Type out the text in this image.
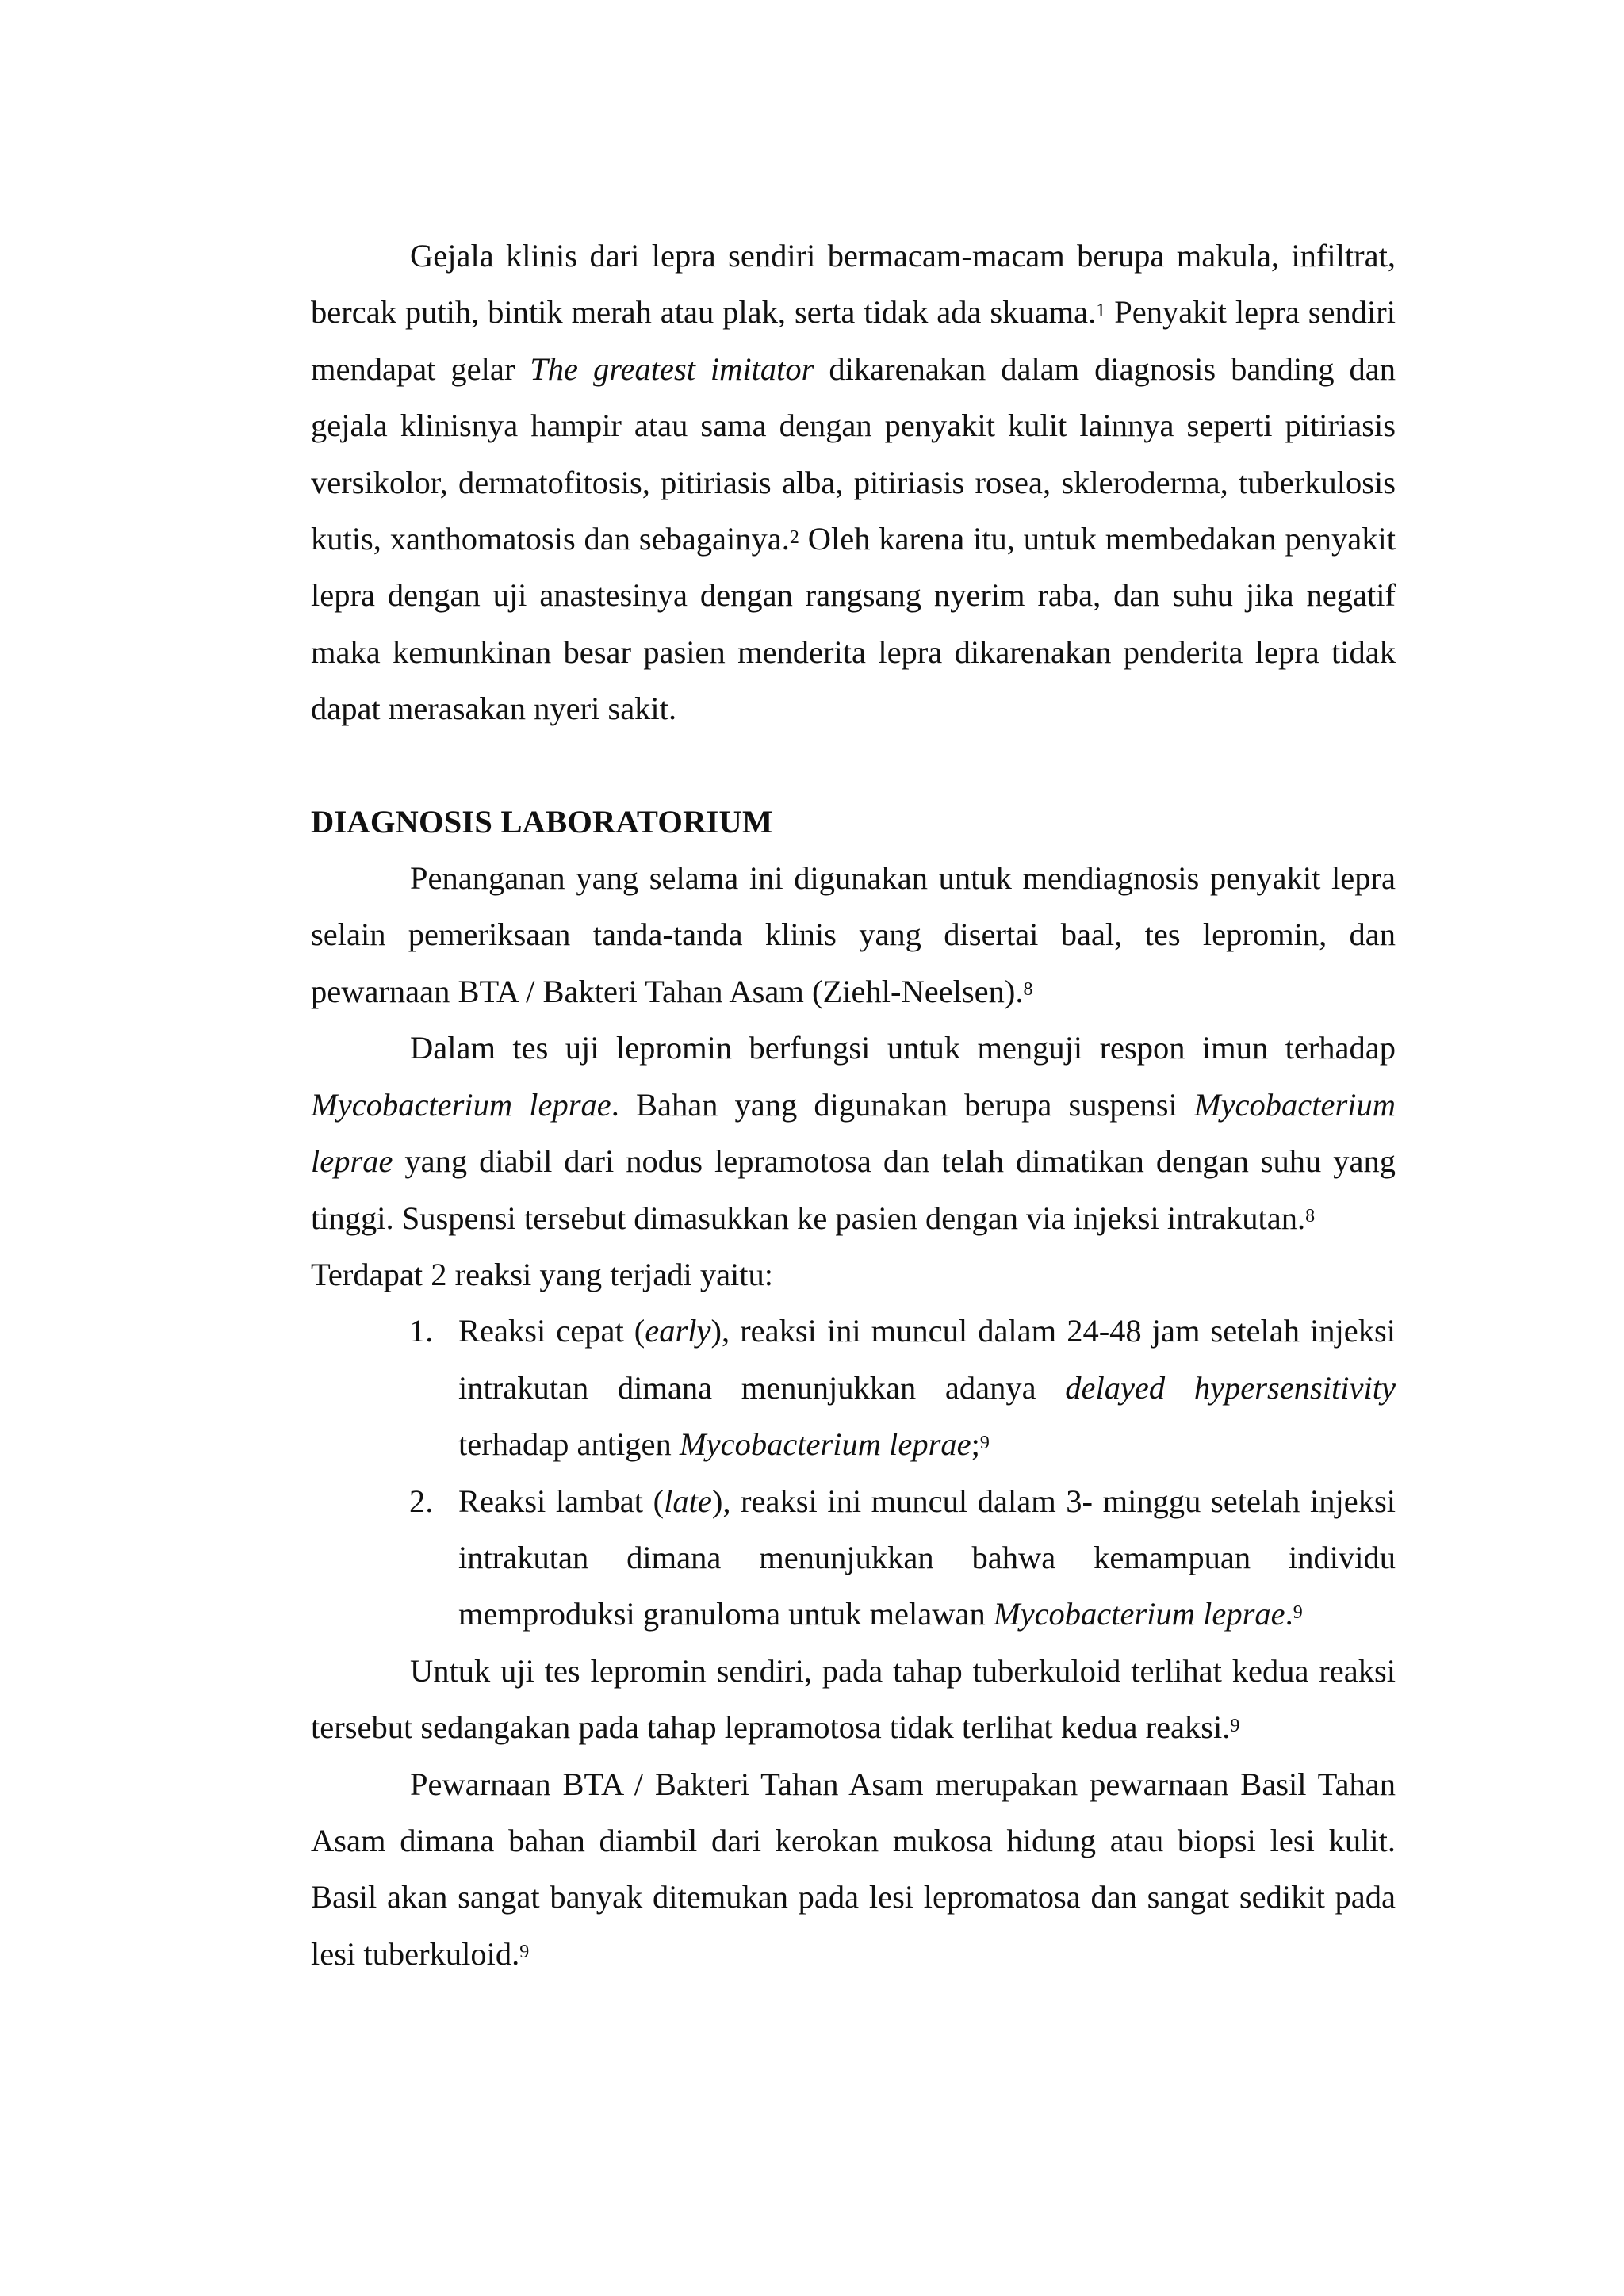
Gejala klinis dari lepra sendiri bermacam-macam berupa makula, infiltrat, bercak putih, bintik merah atau plak, serta tidak ada skuama.$^1$ Penyakit lepra sendiri mendapat gelar The greatest imitator dikarenakan dalam diagnosis banding dan gejala klinisnya hampir atau sama dengan penyakit kulit lainnya seperti pitiriasis versikolor, dermatofitosis, pitiriasis alba, pitiriasis rosea, skleroderma, tuberkulosis kutis, xanthomatosis dan sebagainya.$^2$ Oleh karena itu, untuk membedakan penyakit lepra dengan uji anastesinya dengan rangsang nyerim raba, dan suhu jika negatif maka kemunkinan besar pasien menderita lepra dikarenakan penderita lepra tidak dapat merasakan nyeri sakit.

DIAGNOSIS LABORATORIUM

Penanganan yang selama ini digunakan untuk mendiagnosis penyakit lepra selain pemeriksaan tanda-tanda klinis yang disertai baal, tes lepromin, dan pewarnaan BTA / Bakteri Tahan Asam (Ziehl-Neelsen).$^8$

Dalam tes uji lepromin berfungsi untuk menguji respon imun terhadap Mycobacterium leprae. Bahan yang digunakan berupa suspensi Mycobacterium leprae yang diabil dari nodus lepramotosa dan telah dimatikan dengan suhu yang tinggi. Suspensi tersebut dimasukkan ke pasien dengan via injeksi intrakutan.$^8$
Terdapat 2 reaksi yang terjadi yaitu:

1. Reaksi cepat (early), reaksi ini muncul dalam 24-48 jam setelah injeksi intrakutan dimana menunjukkan adanya delayed hypersensitivity terhadap antigen Mycobacterium leprae;$^9$
2. Reaksi lambat (late), reaksi ini muncul dalam 3- minggu setelah injeksi intrakutan dimana menunjukkan bahwa kemampuan individu memproduksi granuloma untuk melawan Mycobacterium leprae.$^9$

Untuk uji tes lepromin sendiri, pada tahap tuberkuloid terlihat kedua reaksi tersebut sedangakan pada tahap lepramotosa tidak terlihat kedua reaksi.$^9$

Pewarnaan BTA / Bakteri Tahan Asam merupakan pewarnaan Basil Tahan Asam dimana bahan diambil dari kerokan mukosa hidung atau biopsi lesi kulit. Basil akan sangat banyak ditemukan pada lesi lepromatosa dan sangat sedikit pada lesi tuberkuloid.$^9$
